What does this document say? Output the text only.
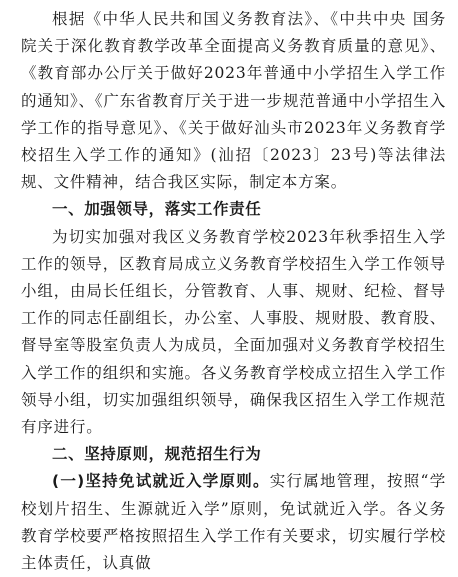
根据《中华人民共和国义务教育法》、《中共中央 国务院关于深化教育教学改革全面提高义务教育质量的意见》、《教育部办公厅关于做好2023年普通中小学招生入学工作的通知》、《广东省教育厅关于进一步规范普通中小学招生入学工作的指导意见》、《关于做好汕头市2023年义务教育学校招生入学工作的通知》(汕招〔2023〕23号)等法律法规、文件精神，结合我区实际，制定本方案。

一、加强领导，落实工作责任

为切实加强对我区义务教育学校2023年秋季招生入学工作的领导，区教育局成立义务教育学校招生入学工作领导小组，由局长任组长，分管教育、人事、规财、纪检、督导工作的同志任副组长，办公室、人事股、规财股、教育股、督导室等股室负责人为成员，全面加强对义务教育学校招生入学工作的组织和实施。各义务教育学校成立招生入学工作领导小组，切实加强组织领导，确保我区招生入学工作规范有序进行。

二、坚持原则，规范招生行为

(一)坚持免试就近入学原则。实行属地管理，按照“学校划片招生、生源就近入学”原则，免试就近入学。各义务教育学校要严格按照招生入学工作有关要求，切实履行学校主体责任，认真做
